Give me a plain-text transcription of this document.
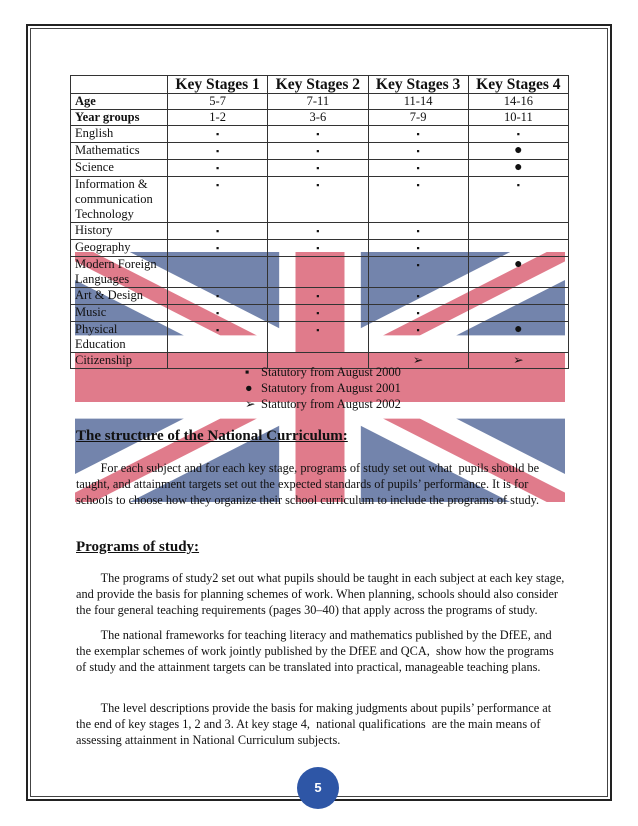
	Key Stages 1	Key Stages 2	Key Stages 3	Key Stages 4
Age	5-7	7-11	11-14	14-16
Year groups	1-2	3-6	7-9	10-11
English	▪	▪	▪	▪
Mathematics	▪	▪	▪	●
Science	▪	▪	▪	●
Information & communication Technology	▪	▪	▪	▪
History	▪	▪	▪	
Geography	▪	▪	▪	
Modern Foreign Languages			▪	●
Art & Design	▪	▪	▪	
Music	▪	▪	▪	
Physical Education	▪	▪	▪	●
Citizenship			➢	➢
▪ Statutory from August 2000
● Statutory from August 2001
➢ Statutory from August 2002
The structure of the National Curriculum:

For each subject and for each key stage, programs of study set out what  pupils should be taught, and attainment targets set out the expected standards of pupils’ performance. It is for schools to choose how they organize their school curriculum to include the programs of study.

Programs of study:

The programs of study2 set out what pupils should be taught in each subject at each key stage, and provide the basis for planning schemes of work. When planning, schools should also consider the four general teaching requirements (pages 30–40) that apply across the programs of study.

The national frameworks for teaching literacy and mathematics published by the DfEE, and the exemplar schemes of work jointly published by the DfEE and QCA,  show how the programs of study and the attainment targets can be translated into practical, manageable teaching plans.

The level descriptions provide the basis for making judgments about pupils’ performance at the end of key stages 1, 2 and 3. At key stage 4,  national qualifications  are the main means of assessing attainment in National Curriculum subjects.

5
